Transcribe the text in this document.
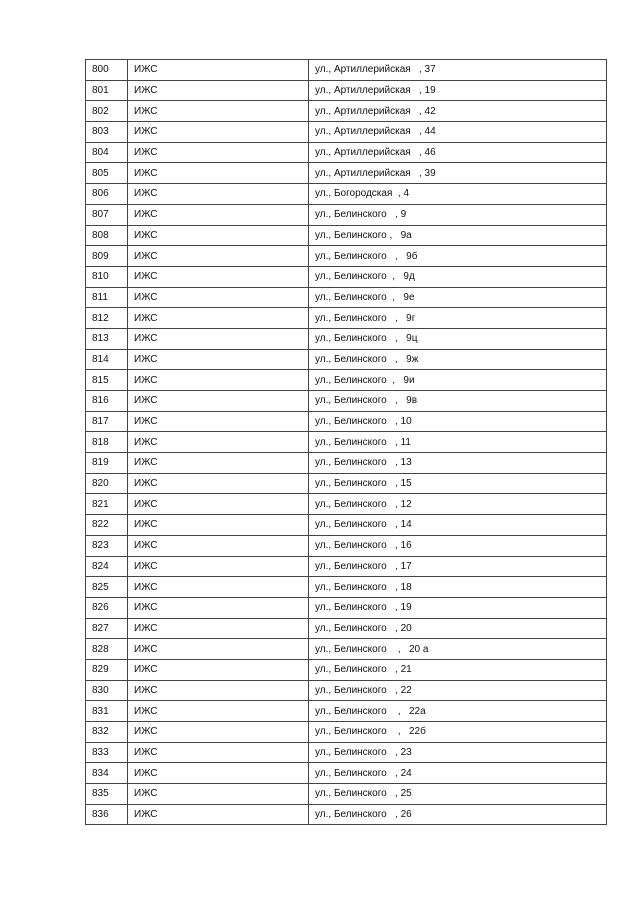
800	ИЖС	ул., Артиллерийская   , 37
801	ИЖС	ул., Артиллерийская   , 19
802	ИЖС	ул., Артиллерийская   , 42
803	ИЖС	ул., Артиллерийская   , 44
804	ИЖС	ул., Артиллерийская   , 46
805	ИЖС	ул., Артиллерийская   , 39
806	ИЖС	ул., Богородская  , 4
807	ИЖС	ул., Белинского   , 9
808	ИЖС	ул., Белинского ,   9а
809	ИЖС	ул., Белинского   ,   9б
810	ИЖС	ул., Белинского  ,   9д
811	ИЖС	ул., Белинского  ,   9е
812	ИЖС	ул., Белинского   ,   9г
813	ИЖС	ул., Белинского   ,   9ц
814	ИЖС	ул., Белинского   ,   9ж
815	ИЖС	ул., Белинского  ,   9и
816	ИЖС	ул., Белинского   ,   9в
817	ИЖС	ул., Белинского   , 10
818	ИЖС	ул., Белинского   , 11
819	ИЖС	ул., Белинского   , 13
820	ИЖС	ул., Белинского   , 15
821	ИЖС	ул., Белинского   , 12
822	ИЖС	ул., Белинского   , 14
823	ИЖС	ул., Белинского   , 16
824	ИЖС	ул., Белинского   , 17
825	ИЖС	ул., Белинского   , 18
826	ИЖС	ул., Белинского   , 19
827	ИЖС	ул., Белинского   , 20
828	ИЖС	ул., Белинского    ,   20 а
829	ИЖС	ул., Белинского   , 21
830	ИЖС	ул., Белинского   , 22
831	ИЖС	ул., Белинского    ,   22а
832	ИЖС	ул., Белинского    ,   22б
833	ИЖС	ул., Белинского   , 23
834	ИЖС	ул., Белинского   , 24
835	ИЖС	ул., Белинского   , 25
836	ИЖС	ул., Белинского   , 26
